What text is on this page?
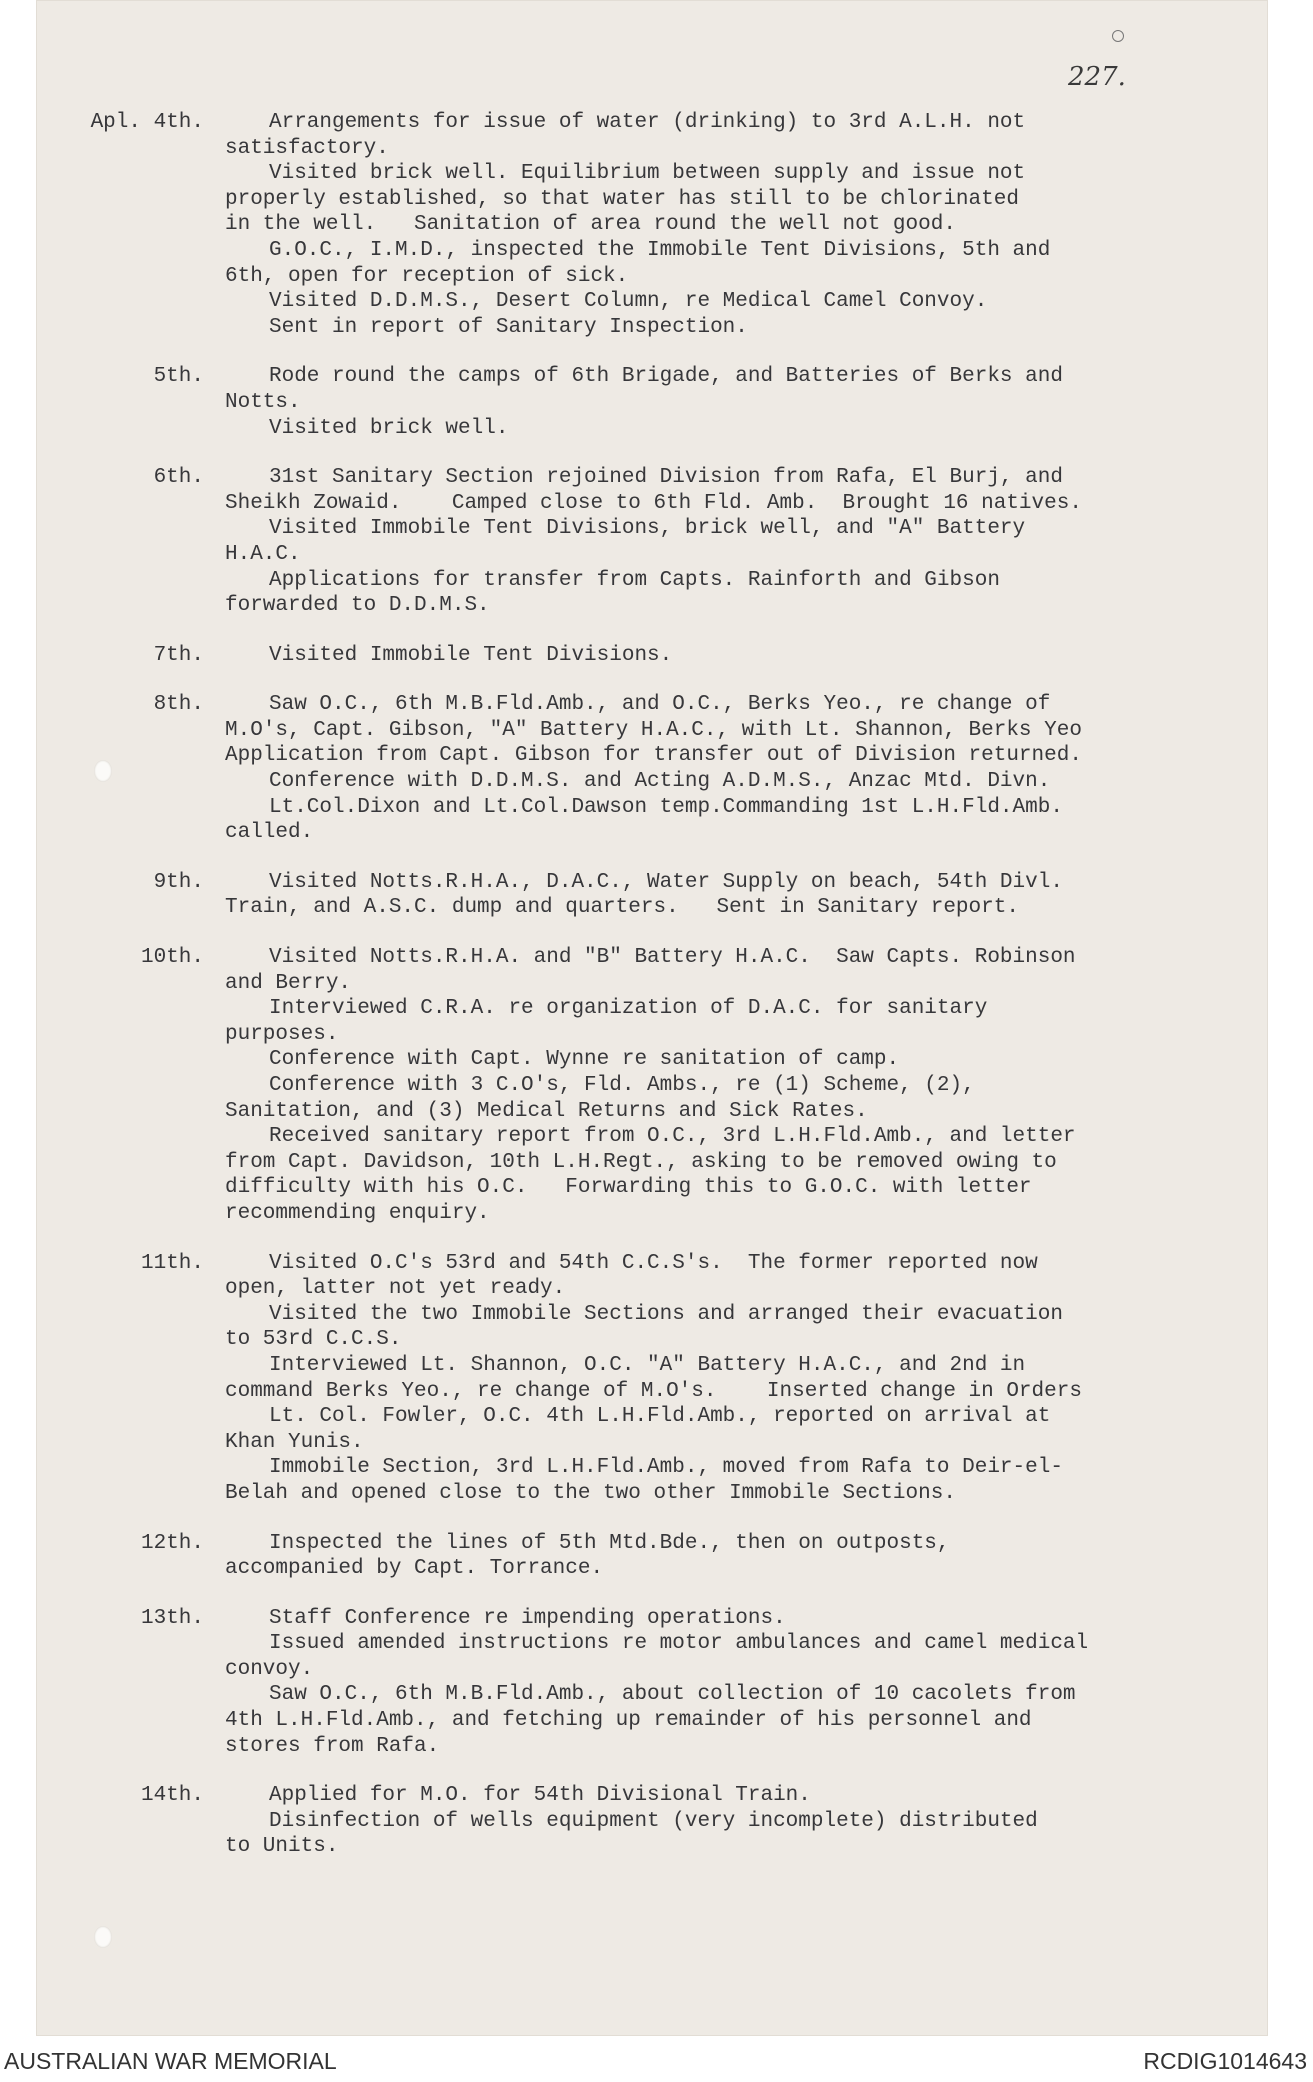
227.
Apl. 4th.	Arrangements for issue of water (drinking) to 3rd A.L.H. not
satisfactory.
Visited brick well. Equilibrium between supply and issue not
properly established, so that water has still to be chlorinated
in the well.   Sanitation of area round the well not good.
G.O.C., I.M.D., inspected the Immobile Tent Divisions, 5th and
6th, open for reception of sick.
Visited D.D.M.S., Desert Column, re Medical Camel Convoy.
Sent in report of Sanitary Inspection.
5th.	Rode round the camps of 6th Brigade, and Batteries of Berks and
Notts.
Visited brick well.
6th.	31st Sanitary Section rejoined Division from Rafa, El Burj, and
Sheikh Zowaid.    Camped close to 6th Fld. Amb.  Brought 16 natives.
Visited Immobile Tent Divisions, brick well, and "A" Battery
H.A.C.
Applications for transfer from Capts. Rainforth and Gibson
forwarded to D.D.M.S.
7th.	Visited Immobile Tent Divisions.
8th.	Saw O.C., 6th M.B.Fld.Amb., and O.C., Berks Yeo., re change of
M.O's, Capt. Gibson, "A" Battery H.A.C., with Lt. Shannon, Berks Yeo
Application from Capt. Gibson for transfer out of Division returned.
Conference with D.D.M.S. and Acting A.D.M.S., Anzac Mtd. Divn.
Lt.Col.Dixon and Lt.Col.Dawson temp.Commanding 1st L.H.Fld.Amb.
called.
9th.	Visited Notts.R.H.A., D.A.C., Water Supply on beach, 54th Divl.
Train, and A.S.C. dump and quarters.   Sent in Sanitary report.
10th.	Visited Notts.R.H.A. and "B" Battery H.A.C.  Saw Capts. Robinson
and Berry.
Interviewed C.R.A. re organization of D.A.C. for sanitary
purposes.
Conference with Capt. Wynne re sanitation of camp.
Conference with 3 C.O's, Fld. Ambs., re (1) Scheme, (2),
Sanitation, and (3) Medical Returns and Sick Rates.
Received sanitary report from O.C., 3rd L.H.Fld.Amb., and letter
from Capt. Davidson, 10th L.H.Regt., asking to be removed owing to
difficulty with his O.C.   Forwarding this to G.O.C. with letter
recommending enquiry.
11th.	Visited O.C's 53rd and 54th C.C.S's.  The former reported now
open, latter not yet ready.
Visited the two Immobile Sections and arranged their evacuation
to 53rd C.C.S.
Interviewed Lt. Shannon, O.C. "A" Battery H.A.C., and 2nd in
command Berks Yeo., re change of M.O's.    Inserted change in Orders
Lt. Col. Fowler, O.C. 4th L.H.Fld.Amb., reported on arrival at
Khan Yunis.
Immobile Section, 3rd L.H.Fld.Amb., moved from Rafa to Deir-el-
Belah and opened close to the two other Immobile Sections.
12th.	Inspected the lines of 5th Mtd.Bde., then on outposts,
accompanied by Capt. Torrance.
13th.	Staff Conference re impending operations.
Issued amended instructions re motor ambulances and camel medical
convoy.
Saw O.C., 6th M.B.Fld.Amb., about collection of 10 cacolets from
4th L.H.Fld.Amb., and fetching up remainder of his personnel and
stores from Rafa.
14th.	Applied for M.O. for 54th Divisional Train.
Disinfection of wells equipment (very incomplete) distributed
to Units.
AUSTRALIAN WAR MEMORIAL	RCDIG1014643
